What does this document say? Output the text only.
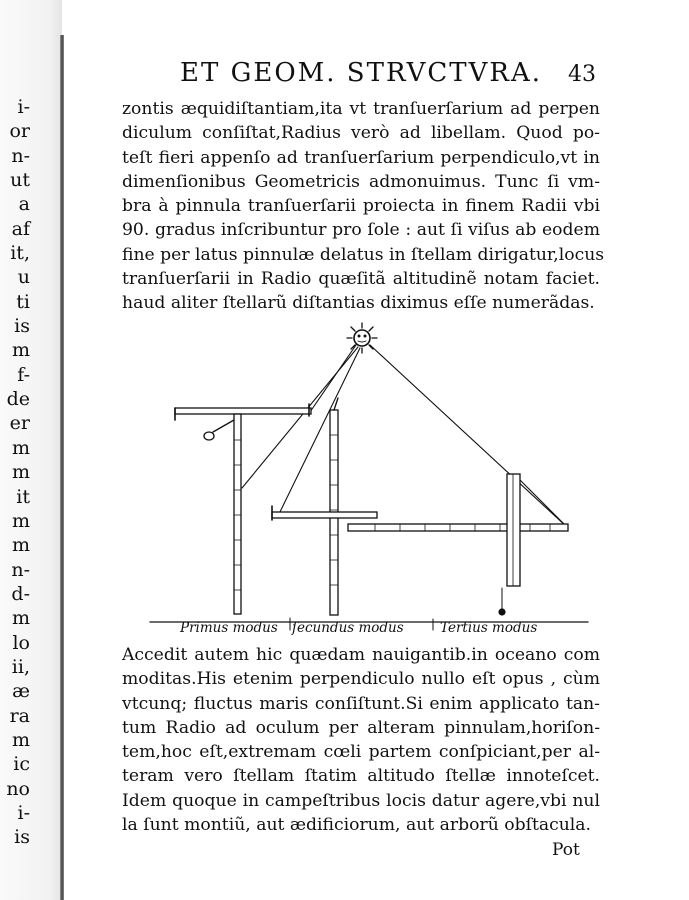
i-
or
n-
ut
a
af
it,
u
ti
is
m
f-
de
er
m
m
it
m
m
n-
d-
m
lo
ii,
æ
ra
m
ic
no
i-
is
ET GEOM. STRVCTVRA. 43
zontis æquidiſtantiam,ita vt tranſuerſarium ad perpen
diculum conſiſtat,Radius verò ad libellam. Quod po-
teſt fieri appenſo ad tranſuerſarium perpendiculo,vt in
dimenſionibus Geometricis admonuimus. Tunc ſi vm-
bra à pinnula tranſuerſarii proiecta in finem Radii vbi
90. gradus inſcribuntur pro ſole : aut ſi viſus ab eodem
fine per latus pinnulæ delatus in ſtellam dirigatur,locus
tranſuerſarii in Radio quæſitã altitudinẽ notam faciet.
haud aliter ſtellarũ diſtantias diximus eſſe numerãdas.
Primus modus ſecundus modus	Tertius modus
Accedit autem hic quædam nauigantib.in oceano com
moditas.His etenim perpendiculo nullo eſt opus , cùm
vtcunq; fluctus maris conſiſtunt.Si enim applicato tan-
tum Radio ad oculum per alteram pinnulam,horiſon-
tem,hoc eſt,extremam cœli partem conſpiciant,per al-
teram vero ſtellam ſtatim altitudo ſtellæ innoteſcet.
Idem quoque in campeſtribus locis datur agere,vbi nul
la ſunt montiũ, aut ædificiorum, aut arborũ obſtacula.
Pot
